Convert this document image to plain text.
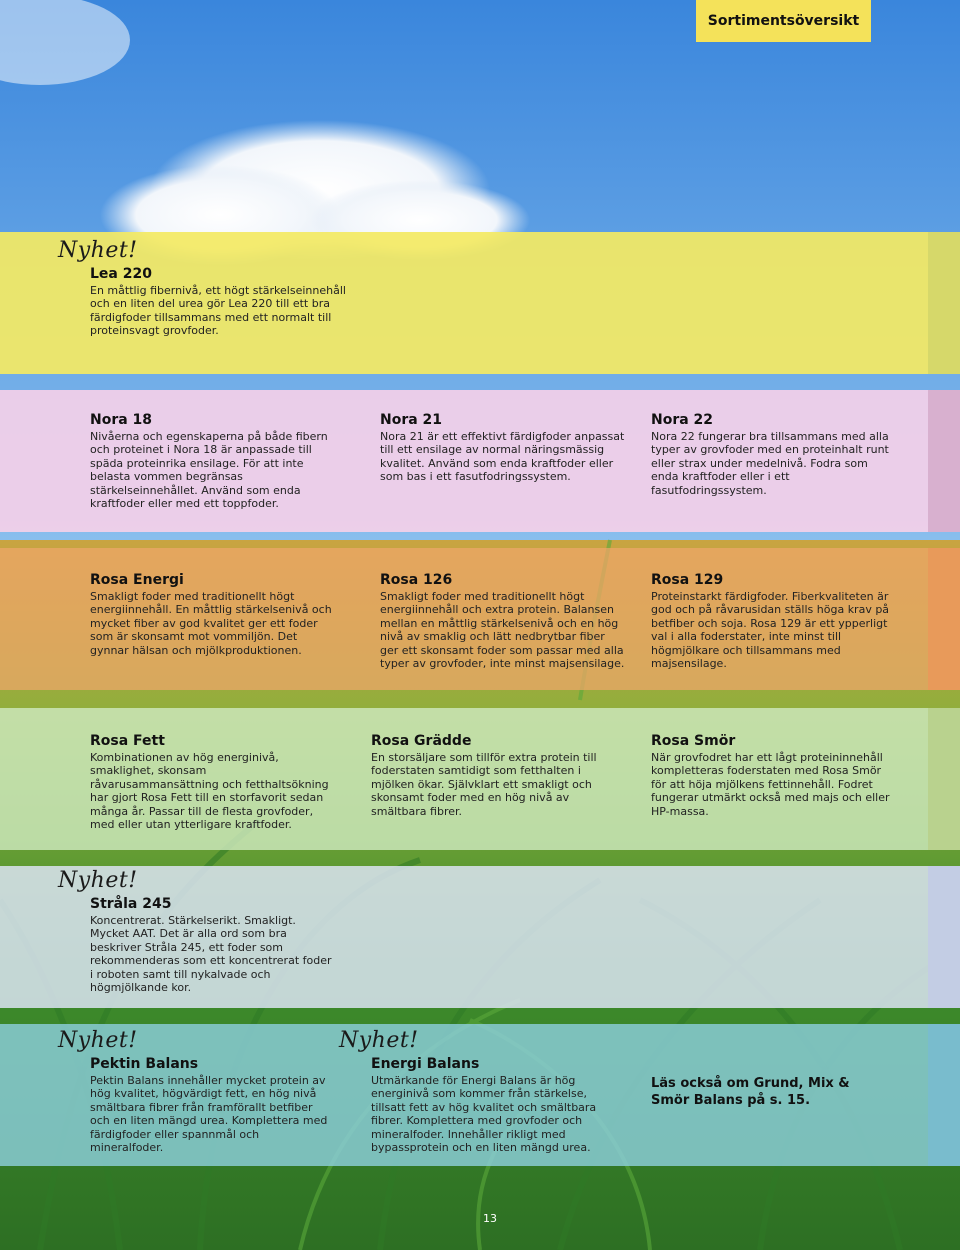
Sortimentsöversikt
Nyhet!

Lea 220

En måttlig fibernivå, ett högt stärkelseinnehåll och en liten del urea gör Lea 220 till ett bra färdigfoder tillsammans med ett normalt till proteinsvagt grovfoder.

Nora 18

Nivåerna och egenskaperna på både fibern och proteinet i Nora 18 är anpassade till späda proteinrika ensilage. För att inte belasta vommen begränsas stärkelseinnehållet. Använd som enda kraftfoder eller med ett toppfoder.

Nora 21

Nora 21 är ett effektivt färdigfoder anpassat till ett ensilage av normal näringsmässig kvalitet. Använd som enda kraftfoder eller som bas i ett fasutfodringssystem.

Nora 22

Nora 22 fungerar bra tillsammans med alla typer av grovfoder med en proteinhalt runt eller strax under medelnivå. Fodra som enda kraftfoder eller i ett fasutfodringssystem.

Rosa Energi

Smakligt foder med traditionellt högt energiinnehåll. En måttlig stärkelsenivå och mycket fiber av god kvalitet ger ett foder som är skonsamt mot vommiljön. Det gynnar hälsan och mjölkproduktionen.

Rosa 126

Smakligt foder med traditionellt högt energiinnehåll och extra protein. Balansen mellan en måttlig stärkelsenivå och en hög nivå av smaklig och lätt nedbrytbar fiber ger ett skonsamt foder som passar med alla typer av grovfoder, inte minst majsensilage.

Rosa 129

Proteinstarkt färdigfoder. Fiberkvaliteten är god och på råvarusidan ställs höga krav på betfiber och soja. Rosa 129 är ett ypperligt val i alla foderstater, inte minst till högmjölkare och tillsammans med majsensilage.

Rosa Fett

Kombinationen av hög energinivå, smaklighet, skonsam råvarusammansättning och fetthaltsökning har gjort Rosa Fett till en storfavorit sedan många år. Passar till de flesta grovfoder, med eller utan ytterligare kraftfoder.

Rosa Grädde

En storsäljare som tillför extra protein till foderstaten samtidigt som fetthalten i mjölken ökar. Självklart ett smakligt och skonsamt foder med en hög nivå av smältbara fibrer.

Rosa Smör

När grovfodret har ett lågt proteininnehåll kompletteras foderstaten med Rosa Smör för att höja mjölkens fettinnehåll. Fodret fungerar utmärkt också med majs och eller HP-massa.

Nyhet!

Stråla 245

Koncentrerat. Stärkelserikt. Smakligt. Mycket AAT. Det är alla ord som bra beskriver Stråla 245, ett foder som rekommenderas som ett koncentrerat foder i roboten samt till nykalvade och högmjölkande kor.

Nyhet!

Pektin Balans

Pektin Balans innehåller mycket protein av hög kvalitet, högvärdigt fett, en hög nivå smältbara fibrer från framförallt betfiber och en liten mängd urea. Komplettera med färdigfoder eller spannmål och mineralfoder.

Nyhet!

Energi Balans

Utmärkande för Energi Balans är hög energinivå som kommer från stärkelse, tillsatt fett av hög kvalitet och smältbara fibrer. Komplettera med grovfoder och mineralfoder. Innehåller rikligt med bypassprotein och en liten mängd urea.

Läs också om Grund, Mix & Smör Balans på s. 15.
13
